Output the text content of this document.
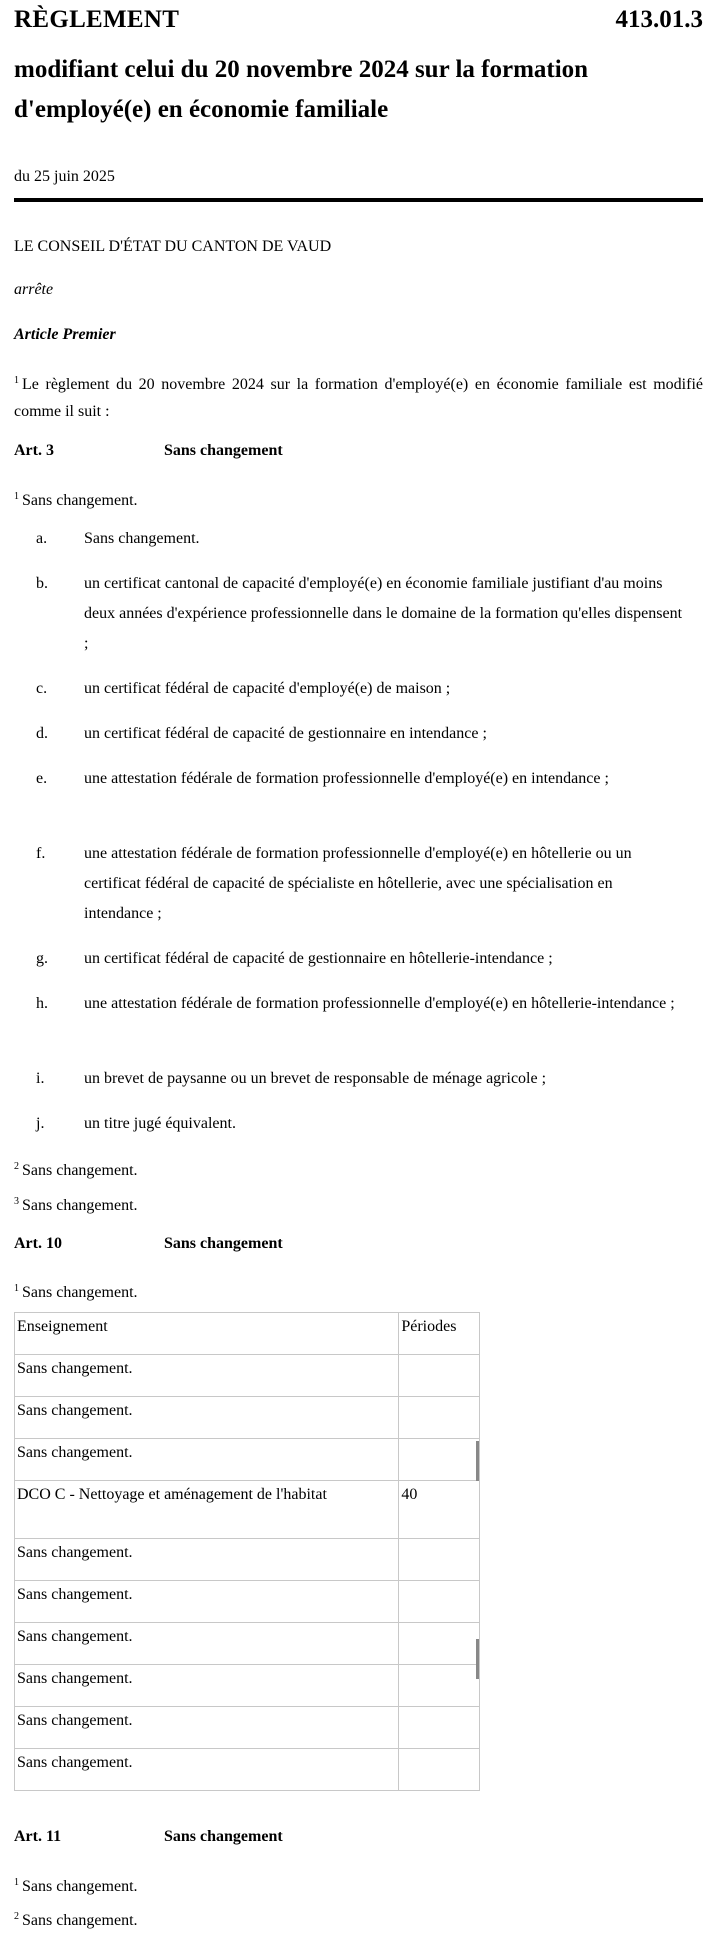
RÈGLEMENT	413.01.3
modifiant celui du 20 novembre 2024 sur la formation
d'employé(e) en économie familiale
du 25 juin 2025
LE CONSEIL D'ÉTAT DU CANTON DE VAUD
arrête
Article Premier
$^1$ Le règlement du 20 novembre 2024 sur la formation d'employé(e) en économie familiale est modifié comme il suit :
Art. 3	Sans changement
$^1$ Sans changement.
a. Sans changement.
b. un certificat cantonal de capacité d'employé(e) en économie familiale justifiant d'au moins deux années d'expérience professionnelle dans le domaine de la formation qu'elles dispensent ;
c. un certificat fédéral de capacité d'employé(e) de maison ;
d. un certificat fédéral de capacité de gestionnaire en intendance ;
e. une attestation fédérale de formation professionnelle d'employé(e) en intendance ;
f. une attestation fédérale de formation professionnelle d'employé(e) en hôtellerie ou un certificat fédéral de capacité de spécialiste en hôtellerie, avec une spécialisation en intendance ;
g. un certificat fédéral de capacité de gestionnaire en hôtellerie-intendance ;
h. une attestation fédérale de formation professionnelle d'employé(e) en hôtellerie-intendance ;
i. un brevet de paysanne ou un brevet de responsable de ménage agricole ;
j. un titre jugé équivalent.
$^2$ Sans changement.
$^3$ Sans changement.
Art. 10	Sans changement
$^1$ Sans changement.
Enseignement	Périodes
Sans changement.	
Sans changement.	
Sans changement.	
DCO C - Nettoyage et aménagement de l'habitat	40
Sans changement.	
Sans changement.	
Sans changement.	
Sans changement.	
Sans changement.	
Sans changement.	
Art. 11	Sans changement
$^1$ Sans changement.
$^2$ Sans changement.
